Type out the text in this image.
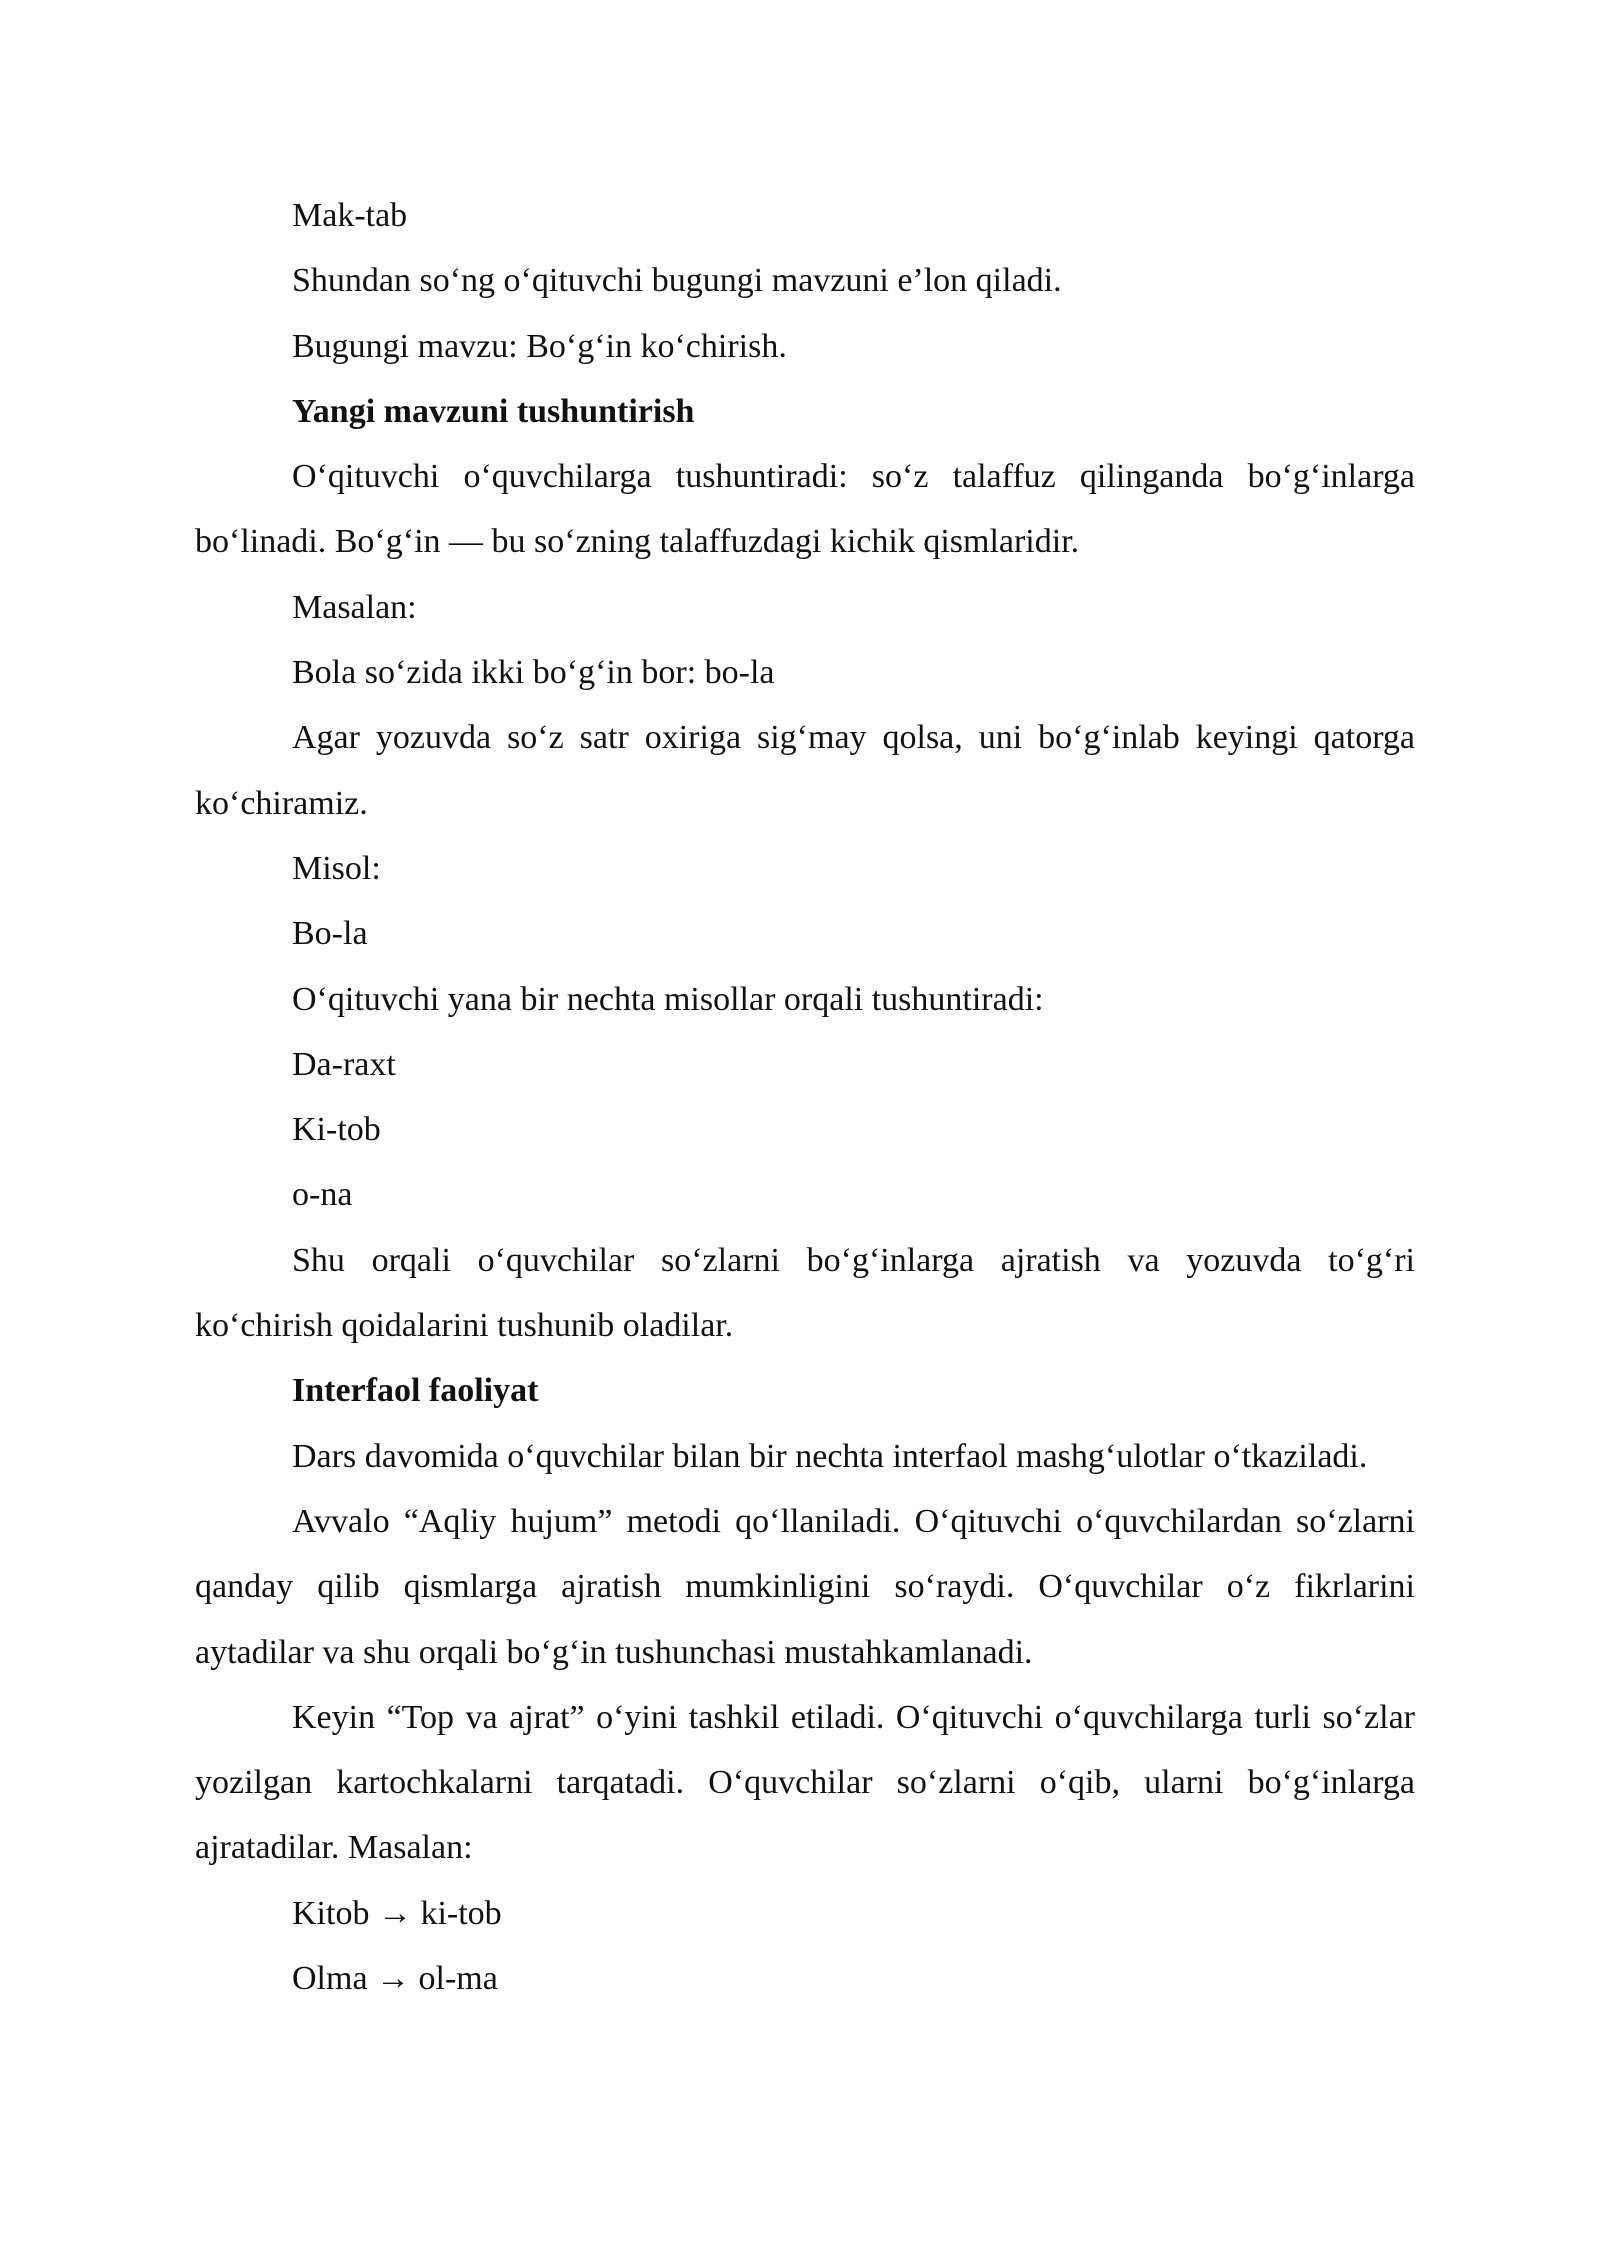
Mak-tab

Shundan so‘ng o‘qituvchi bugungi mavzuni e’lon qiladi.

Bugungi mavzu: Bo‘g‘in ko‘chirish.

Yangi mavzuni tushuntirish

O‘qituvchi o‘quvchilarga tushuntiradi: so‘z talaffuz qilinganda bo‘g‘inlarga bo‘linadi. Bo‘g‘in — bu so‘zning talaffuzdagi kichik qismlaridir.

Masalan:

Bola so‘zida ikki bo‘g‘in bor: bo-la

Agar yozuvda so‘z satr oxiriga sig‘may qolsa, uni bo‘g‘inlab keyingi qatorga ko‘chiramiz.

Misol:

Bo-la

O‘qituvchi yana bir nechta misollar orqali tushuntiradi:

Da-raxt

Ki-tob

o-na

Shu orqali o‘quvchilar so‘zlarni bo‘g‘inlarga ajratish va yozuvda to‘g‘ri ko‘chirish qoidalarini tushunib oladilar.

Interfaol faoliyat

Dars davomida o‘quvchilar bilan bir nechta interfaol mashg‘ulotlar o‘tkaziladi.

Avvalo “Aqliy hujum” metodi qo‘llaniladi. O‘qituvchi o‘quvchilardan so‘zlarni qanday qilib qismlarga ajratish mumkinligini so‘raydi. O‘quvchilar o‘z fikrlarini aytadilar va shu orqali bo‘g‘in tushunchasi mustahkamlanadi.

Keyin “Top va ajrat” o‘yini tashkil etiladi. O‘qituvchi o‘quvchilarga turli so‘zlar yozilgan kartochkalarni tarqatadi. O‘quvchilar so‘zlarni o‘qib, ularni bo‘g‘inlarga ajratadilar. Masalan:

Kitob → ki-tob

Olma → ol-ma
